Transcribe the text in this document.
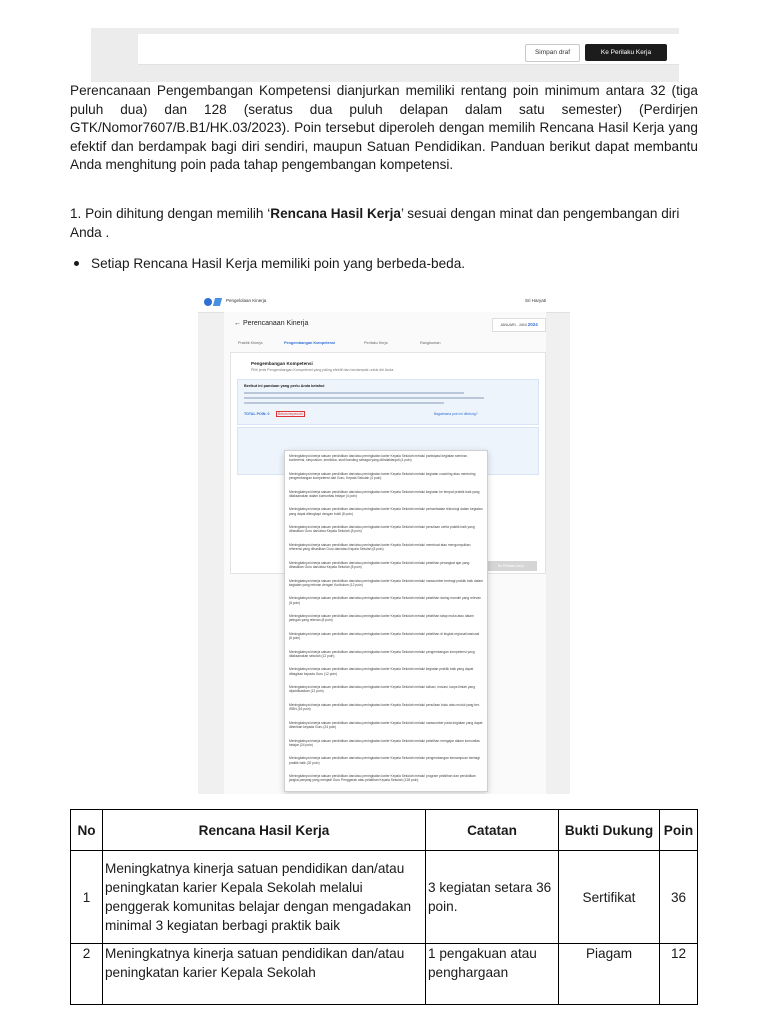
Simpan draf	Ke Perilaku Kerja

Perencanaan Pengembangan Kompetensi dianjurkan memiliki rentang poin minimum antara 32 (tiga puluh dua) dan 128 (seratus dua puluh delapan dalam satu semester) (Perdirjen GTK/Nomor7607/B.B1/HK.03/2023). Poin tersebut diperoleh dengan memilih Rencana Hasil Kerja yang efektif dan berdampak bagi diri sendiri, maupun Satuan Pendidikan. Panduan berikut dapat membantu Anda menghitung poin pada tahap pengembangan kompetensi.

1. Poin dihitung dengan memilih ‘Rencana Hasil Kerja’ sesuai dengan minat dan pengembangan diri Anda .

Setiap Rencana Hasil Kerja memiliki poin yang berbeda-beda.

Pengelolaan Kinerja	Sri Haryati
← Perencanaan Kinerja	JANUARI - JUNI 2024
Praktik Kinerja	Pengembangan Kompetensi	Perilaku Kerja	Rangkuman
Pengembangan Kompetensi
Pilih jenis Pengembangan Kompetensi yang paling efektif dan berdampak untuk diri Anda.
Berikut ini panduan yang perlu Anda ketahui
TOTAL POIN: 0	Belum terpenuhi	Bagaimana poin ini dihitung?
Ke Perilaku Kerja
Meningkatnya kinerja satuan pendidikan dan/atau peningkatan karier Kepala Sekolah melalui partisipasi kegiatan seminar, konferensi, simposium, semiloka, studi banding sebagai yang ditindaklanjuti (4 poin)
Meningkatnya kinerja satuan pendidikan dan/atau peningkatan karier Kepala Sekolah melalui kegiatan coaching atau mentoring pengembangan kompetensi dari Guru, Kepala Sekolah (4 poin)
Meningkatnya kinerja satuan pendidikan dan/atau peningkatan karier Kepala Sekolah melalui kegiatan ke tempat praktik baik yang dilaksanakan dalam komunitas belajar (4 poin)
Meningkatnya kinerja satuan pendidikan dan/atau peningkatan karier Kepala Sekolah melalui pemanfaatan teknologi dalam kegiatan yang dapat dilengkapi dengan bukti (8 poin)
Meningkatnya kinerja satuan pendidikan dan/atau peningkatan karier Kepala Sekolah melalui penulisan cerita praktik baik yang dihasilkan Guru dan/atau Kepala Sekolah (8 poin)
Meningkatnya kinerja satuan pendidikan dan/atau peningkatan karier Kepala Sekolah melalui membuat atau mengumpulkan referensi yang dihasilkan Guru dan/atau Kepala Sekolah (8 poin)
Meningkatnya kinerja satuan pendidikan dan/atau peningkatan karier Kepala Sekolah melalui pelatihan perangkat ajar yang dihasilkan Guru dan/atau Kepala Sekolah (8 poin)
Meningkatnya kinerja satuan pendidikan dan/atau peningkatan karier Kepala Sekolah melalui narasumber berbagi praktik baik dalam kegiatan yang relevan dengan Kurikulum (12 poin)
Meningkatnya kinerja satuan pendidikan dan/atau peningkatan karier Kepala Sekolah melalui pelatihan daring mandiri yang relevan (8 poin)
Meningkatnya kinerja satuan pendidikan dan/atau peningkatan karier Kepala Sekolah melalui pelatihan tatap muka atau dalam jaringan yang relevan (8 poin)
Meningkatnya kinerja satuan pendidikan dan/atau peningkatan karier Kepala Sekolah melalui pelatihan di tingkat regional/nasional (8 poin)
Meningkatnya kinerja satuan pendidikan dan/atau peningkatan karier Kepala Sekolah melalui pengembangan kompetensi yang dilaksanakan sekolah (12 poin)
Meningkatnya kinerja satuan pendidikan dan/atau peningkatan karier Kepala Sekolah melalui kegiatan praktik baik yang dapat dibagikan kepada Guru (12 poin)
Meningkatnya kinerja satuan pendidikan dan/atau peningkatan karier Kepala Sekolah melalui tulisan, inovasi, karya ilmiah yang dipublikasikan (12 poin)
Meningkatnya kinerja satuan pendidikan dan/atau peningkatan karier Kepala Sekolah melalui penulisan buku atau modul yang ber-ISBN (16 poin)
Meningkatnya kinerja satuan pendidikan dan/atau peningkatan karier Kepala Sekolah melalui narasumber pada kegiatan yang dapat diberikan kepada Guru (24 poin)
Meningkatnya kinerja satuan pendidikan dan/atau peningkatan karier Kepala Sekolah melalui pelatihan mengajar dalam komunitas belajar (24 poin)
Meningkatnya kinerja satuan pendidikan dan/atau peningkatan karier Kepala Sekolah melalui pengembangan kemampuan berbagi praktik baik (32 poin)
Meningkatnya kinerja satuan pendidikan dan/atau peningkatan karier Kepala Sekolah melalui program pelatihan dan pendidikan jangka panjang yang menjadi Guru Penggerak atau pelatihan Kepala Sekolah (128 poin)
No	Rencana Hasil Kerja	Catatan	Bukti Dukung	Poin
1	Meningkatnya kinerja satuan pendidikan dan/atau peningkatan karier Kepala Sekolah melalui penggerak komunitas belajar dengan mengadakan minimal 3 kegiatan berbagi praktik baik	3 kegiatan setara 36 poin.	Sertifikat	36
2	Meningkatnya kinerja satuan pendidikan dan/atau peningkatan karier Kepala Sekolah	1 pengakuan atau penghargaan	Piagam	12
